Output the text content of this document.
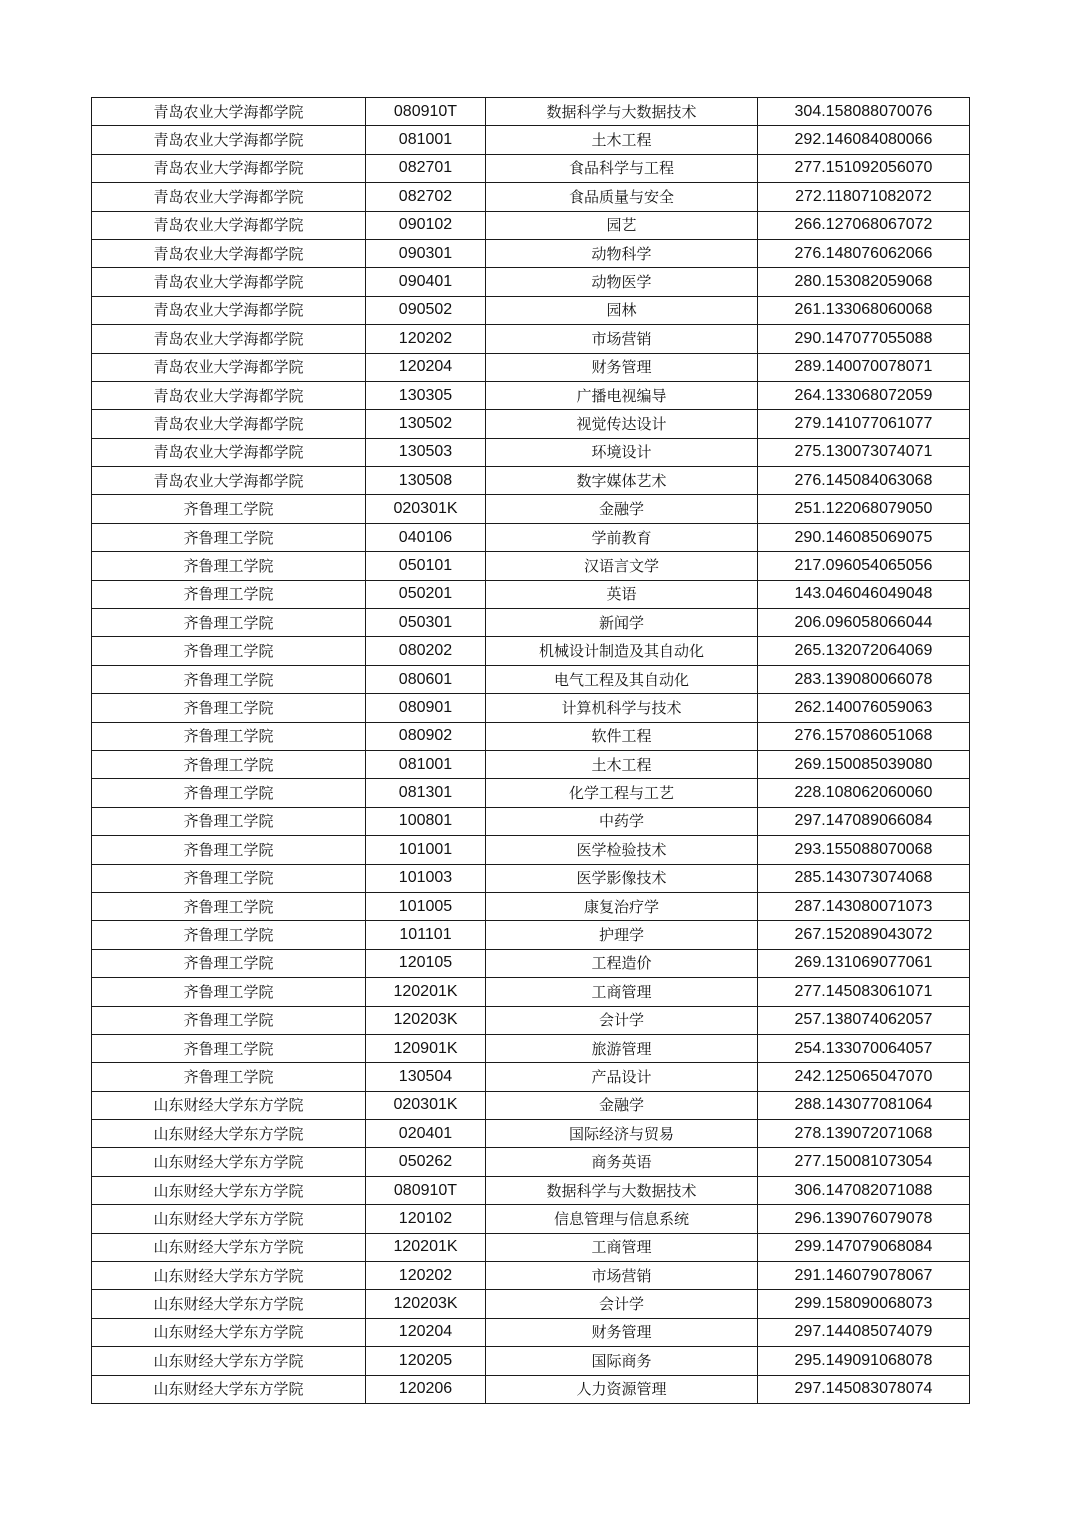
青岛农业大学海都学院	080910T	数据科学与大数据技术	304.158088070076
青岛农业大学海都学院	081001	土木工程	292.146084080066
青岛农业大学海都学院	082701	食品科学与工程	277.151092056070
青岛农业大学海都学院	082702	食品质量与安全	272.118071082072
青岛农业大学海都学院	090102	园艺	266.127068067072
青岛农业大学海都学院	090301	动物科学	276.148076062066
青岛农业大学海都学院	090401	动物医学	280.153082059068
青岛农业大学海都学院	090502	园林	261.133068060068
青岛农业大学海都学院	120202	市场营销	290.147077055088
青岛农业大学海都学院	120204	财务管理	289.140070078071
青岛农业大学海都学院	130305	广播电视编导	264.133068072059
青岛农业大学海都学院	130502	视觉传达设计	279.141077061077
青岛农业大学海都学院	130503	环境设计	275.130073074071
青岛农业大学海都学院	130508	数字媒体艺术	276.145084063068
齐鲁理工学院	020301K	金融学	251.122068079050
齐鲁理工学院	040106	学前教育	290.146085069075
齐鲁理工学院	050101	汉语言文学	217.096054065056
齐鲁理工学院	050201	英语	143.046046049048
齐鲁理工学院	050301	新闻学	206.096058066044
齐鲁理工学院	080202	机械设计制造及其自动化	265.132072064069
齐鲁理工学院	080601	电气工程及其自动化	283.139080066078
齐鲁理工学院	080901	计算机科学与技术	262.140076059063
齐鲁理工学院	080902	软件工程	276.157086051068
齐鲁理工学院	081001	土木工程	269.150085039080
齐鲁理工学院	081301	化学工程与工艺	228.108062060060
齐鲁理工学院	100801	中药学	297.147089066084
齐鲁理工学院	101001	医学检验技术	293.155088070068
齐鲁理工学院	101003	医学影像技术	285.143073074068
齐鲁理工学院	101005	康复治疗学	287.143080071073
齐鲁理工学院	101101	护理学	267.152089043072
齐鲁理工学院	120105	工程造价	269.131069077061
齐鲁理工学院	120201K	工商管理	277.145083061071
齐鲁理工学院	120203K	会计学	257.138074062057
齐鲁理工学院	120901K	旅游管理	254.133070064057
齐鲁理工学院	130504	产品设计	242.125065047070
山东财经大学东方学院	020301K	金融学	288.143077081064
山东财经大学东方学院	020401	国际经济与贸易	278.139072071068
山东财经大学东方学院	050262	商务英语	277.150081073054
山东财经大学东方学院	080910T	数据科学与大数据技术	306.147082071088
山东财经大学东方学院	120102	信息管理与信息系统	296.139076079078
山东财经大学东方学院	120201K	工商管理	299.147079068084
山东财经大学东方学院	120202	市场营销	291.146079078067
山东财经大学东方学院	120203K	会计学	299.158090068073
山东财经大学东方学院	120204	财务管理	297.144085074079
山东财经大学东方学院	120205	国际商务	295.149091068078
山东财经大学东方学院	120206	人力资源管理	297.145083078074
